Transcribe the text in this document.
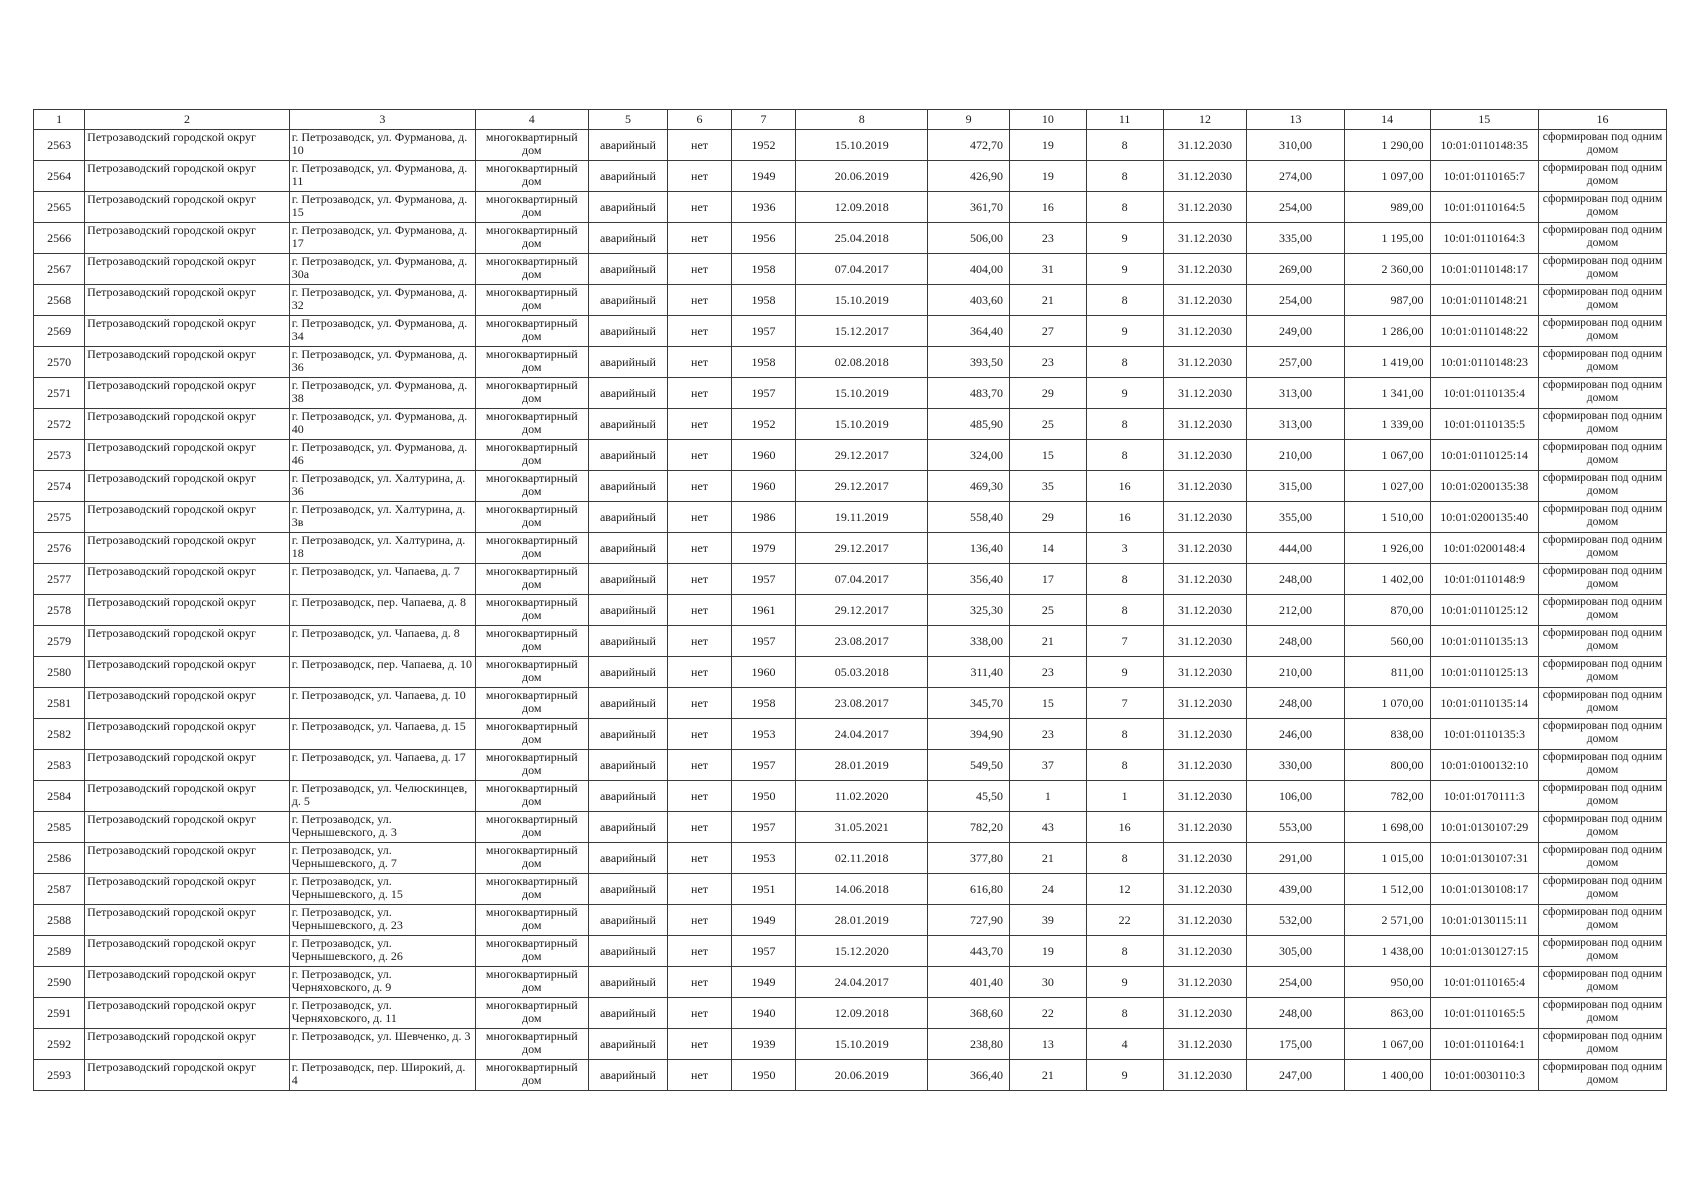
1	2	3	4	5	6	7	8	9	10	11	12	13	14	15	16
2563	Петрозаводский городской округ	г. Петрозаводск, ул. Фурманова, д. 10	многоквартирный дом	аварийный	нет	1952	15.10.2019	472,70	19	8	31.12.2030	310,00	1 290,00	10:01:0110148:35	сформирован под одним домом
2564	Петрозаводский городской округ	г. Петрозаводск, ул. Фурманова, д. 11	многоквартирный дом	аварийный	нет	1949	20.06.2019	426,90	19	8	31.12.2030	274,00	1 097,00	10:01:0110165:7	сформирован под одним домом
2565	Петрозаводский городской округ	г. Петрозаводск, ул. Фурманова, д. 15	многоквартирный дом	аварийный	нет	1936	12.09.2018	361,70	16	8	31.12.2030	254,00	989,00	10:01:0110164:5	сформирован под одним домом
2566	Петрозаводский городской округ	г. Петрозаводск, ул. Фурманова, д. 17	многоквартирный дом	аварийный	нет	1956	25.04.2018	506,00	23	9	31.12.2030	335,00	1 195,00	10:01:0110164:3	сформирован под одним домом
2567	Петрозаводский городской округ	г. Петрозаводск, ул. Фурманова, д. 30а	многоквартирный дом	аварийный	нет	1958	07.04.2017	404,00	31	9	31.12.2030	269,00	2 360,00	10:01:0110148:17	сформирован под одним домом
2568	Петрозаводский городской округ	г. Петрозаводск, ул. Фурманова, д. 32	многоквартирный дом	аварийный	нет	1958	15.10.2019	403,60	21	8	31.12.2030	254,00	987,00	10:01:0110148:21	сформирован под одним домом
2569	Петрозаводский городской округ	г. Петрозаводск, ул. Фурманова, д. 34	многоквартирный дом	аварийный	нет	1957	15.12.2017	364,40	27	9	31.12.2030	249,00	1 286,00	10:01:0110148:22	сформирован под одним домом
2570	Петрозаводский городской округ	г. Петрозаводск, ул. Фурманова, д. 36	многоквартирный дом	аварийный	нет	1958	02.08.2018	393,50	23	8	31.12.2030	257,00	1 419,00	10:01:0110148:23	сформирован под одним домом
2571	Петрозаводский городской округ	г. Петрозаводск, ул. Фурманова, д. 38	многоквартирный дом	аварийный	нет	1957	15.10.2019	483,70	29	9	31.12.2030	313,00	1 341,00	10:01:0110135:4	сформирован под одним домом
2572	Петрозаводский городской округ	г. Петрозаводск, ул. Фурманова, д. 40	многоквартирный дом	аварийный	нет	1952	15.10.2019	485,90	25	8	31.12.2030	313,00	1 339,00	10:01:0110135:5	сформирован под одним домом
2573	Петрозаводский городской округ	г. Петрозаводск, ул. Фурманова, д. 46	многоквартирный дом	аварийный	нет	1960	29.12.2017	324,00	15	8	31.12.2030	210,00	1 067,00	10:01:0110125:14	сформирован под одним домом
2574	Петрозаводский городской округ	г. Петрозаводск, ул. Халтурина, д. 36	многоквартирный дом	аварийный	нет	1960	29.12.2017	469,30	35	16	31.12.2030	315,00	1 027,00	10:01:0200135:38	сформирован под одним домом
2575	Петрозаводский городской округ	г. Петрозаводск, ул. Халтурина, д. 3в	многоквартирный дом	аварийный	нет	1986	19.11.2019	558,40	29	16	31.12.2030	355,00	1 510,00	10:01:0200135:40	сформирован под одним домом
2576	Петрозаводский городской округ	г. Петрозаводск, ул. Халтурина, д. 18	многоквартирный дом	аварийный	нет	1979	29.12.2017	136,40	14	3	31.12.2030	444,00	1 926,00	10:01:0200148:4	сформирован под одним домом
2577	Петрозаводский городской округ	г. Петрозаводск, ул. Чапаева, д. 7	многоквартирный дом	аварийный	нет	1957	07.04.2017	356,40	17	8	31.12.2030	248,00	1 402,00	10:01:0110148:9	сформирован под одним домом
2578	Петрозаводский городской округ	г. Петрозаводск, пер. Чапаева, д. 8	многоквартирный дом	аварийный	нет	1961	29.12.2017	325,30	25	8	31.12.2030	212,00	870,00	10:01:0110125:12	сформирован под одним домом
2579	Петрозаводский городской округ	г. Петрозаводск, ул. Чапаева, д. 8	многоквартирный дом	аварийный	нет	1957	23.08.2017	338,00	21	7	31.12.2030	248,00	560,00	10:01:0110135:13	сформирован под одним домом
2580	Петрозаводский городской округ	г. Петрозаводск, пер. Чапаева, д. 10	многоквартирный дом	аварийный	нет	1960	05.03.2018	311,40	23	9	31.12.2030	210,00	811,00	10:01:0110125:13	сформирован под одним домом
2581	Петрозаводский городской округ	г. Петрозаводск, ул. Чапаева, д. 10	многоквартирный дом	аварийный	нет	1958	23.08.2017	345,70	15	7	31.12.2030	248,00	1 070,00	10:01:0110135:14	сформирован под одним домом
2582	Петрозаводский городской округ	г. Петрозаводск, ул. Чапаева, д. 15	многоквартирный дом	аварийный	нет	1953	24.04.2017	394,90	23	8	31.12.2030	246,00	838,00	10:01:0110135:3	сформирован под одним домом
2583	Петрозаводский городской округ	г. Петрозаводск, ул. Чапаева, д. 17	многоквартирный дом	аварийный	нет	1957	28.01.2019	549,50	37	8	31.12.2030	330,00	800,00	10:01:0100132:10	сформирован под одним домом
2584	Петрозаводский городской округ	г. Петрозаводск, ул. Челюскинцев, д. 5	многоквартирный дом	аварийный	нет	1950	11.02.2020	45,50	1	1	31.12.2030	106,00	782,00	10:01:0170111:3	сформирован под одним домом
2585	Петрозаводский городской округ	г. Петрозаводск, ул. Чернышевского, д. 3	многоквартирный дом	аварийный	нет	1957	31.05.2021	782,20	43	16	31.12.2030	553,00	1 698,00	10:01:0130107:29	сформирован под одним домом
2586	Петрозаводский городской округ	г. Петрозаводск, ул. Чернышевского, д. 7	многоквартирный дом	аварийный	нет	1953	02.11.2018	377,80	21	8	31.12.2030	291,00	1 015,00	10:01:0130107:31	сформирован под одним домом
2587	Петрозаводский городской округ	г. Петрозаводск, ул. Чернышевского, д. 15	многоквартирный дом	аварийный	нет	1951	14.06.2018	616,80	24	12	31.12.2030	439,00	1 512,00	10:01:0130108:17	сформирован под одним домом
2588	Петрозаводский городской округ	г. Петрозаводск, ул. Чернышевского, д. 23	многоквартирный дом	аварийный	нет	1949	28.01.2019	727,90	39	22	31.12.2030	532,00	2 571,00	10:01:0130115:11	сформирован под одним домом
2589	Петрозаводский городской округ	г. Петрозаводск, ул. Чернышевского, д. 26	многоквартирный дом	аварийный	нет	1957	15.12.2020	443,70	19	8	31.12.2030	305,00	1 438,00	10:01:0130127:15	сформирован под одним домом
2590	Петрозаводский городской округ	г. Петрозаводск, ул. Черняховского, д. 9	многоквартирный дом	аварийный	нет	1949	24.04.2017	401,40	30	9	31.12.2030	254,00	950,00	10:01:0110165:4	сформирован под одним домом
2591	Петрозаводский городской округ	г. Петрозаводск, ул. Черняховского, д. 11	многоквартирный дом	аварийный	нет	1940	12.09.2018	368,60	22	8	31.12.2030	248,00	863,00	10:01:0110165:5	сформирован под одним домом
2592	Петрозаводский городской округ	г. Петрозаводск, ул. Шевченко, д. 3	многоквартирный дом	аварийный	нет	1939	15.10.2019	238,80	13	4	31.12.2030	175,00	1 067,00	10:01:0110164:1	сформирован под одним домом
2593	Петрозаводский городской округ	г. Петрозаводск, пер. Широкий, д. 4	многоквартирный дом	аварийный	нет	1950	20.06.2019	366,40	21	9	31.12.2030	247,00	1 400,00	10:01:0030110:3	сформирован под одним домом
